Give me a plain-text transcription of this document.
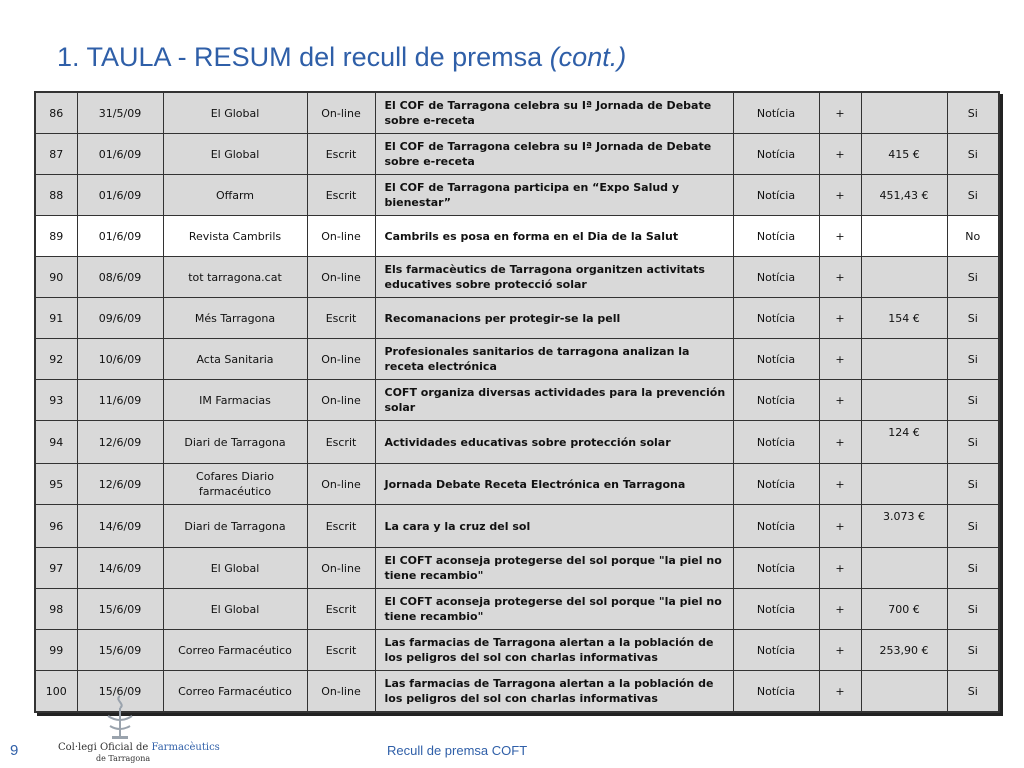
1. TAULA - RESUM del recull de premsa (cont.)
86	31/5/09	El Global	On-line	El COF de Tarragona celebra su Iª Jornada de Debate sobre e-receta	Notícia	+		Si
87	01/6/09	El Global	Escrit	El COF de Tarragona celebra su Iª Jornada de Debate sobre e-receta	Notícia	+	415 €	Si
88	01/6/09	Offarm	Escrit	El COF de Tarragona participa en “Expo Salud y bienestar”	Notícia	+	451,43 €	Si
89	01/6/09	Revista Cambrils	On-line	Cambrils es posa en forma en el Dia de la Salut	Notícia	+		No
90	08/6/09	tot tarragona.cat	On-line	Els farmacèutics de Tarragona organitzen activitats educatives sobre protecció solar	Notícia	+		Si
91	09/6/09	Més Tarragona	Escrit	Recomanacions per protegir-se la pell	Notícia	+	154 €	Si
92	10/6/09	Acta Sanitaria	On-line	Profesionales sanitarios de tarragona analizan la receta electrónica	Notícia	+		Si
93	11/6/09	IM Farmacias	On-line	COFT organiza diversas actividades para la prevención solar	Notícia	+		Si
94	12/6/09	Diari de Tarragona	Escrit	Actividades educativas sobre protección solar	Notícia	+	124 €	Si
95	12/6/09	Cofares Diario farmacéutico	On-line	Jornada Debate Receta Electrónica en Tarragona	Notícia	+		Si
96	14/6/09	Diari de Tarragona	Escrit	La cara y la cruz del sol	Notícia	+	3.073 €	Si
97	14/6/09	El Global	On-line	El COFT aconseja protegerse del sol porque "la piel no tiene recambio"	Notícia	+		Si
98	15/6/09	El Global	Escrit	El COFT aconseja protegerse del sol porque "la piel no tiene recambio"	Notícia	+	700 €	Si
99	15/6/09	Correo Farmacéutico	Escrit	Las farmacias de Tarragona alertan a la población de los peligros del sol con charlas informativas	Notícia	+	253,90 €	Si
100	15/6/09	Correo Farmacéutico	On-line	Las farmacias de Tarragona alertan a la población de los peligros del sol con charlas informativas	Notícia	+		Si
Col·legi Oficial de Farmacèutics
de Tarragona
9	Recull de premsa COFT
